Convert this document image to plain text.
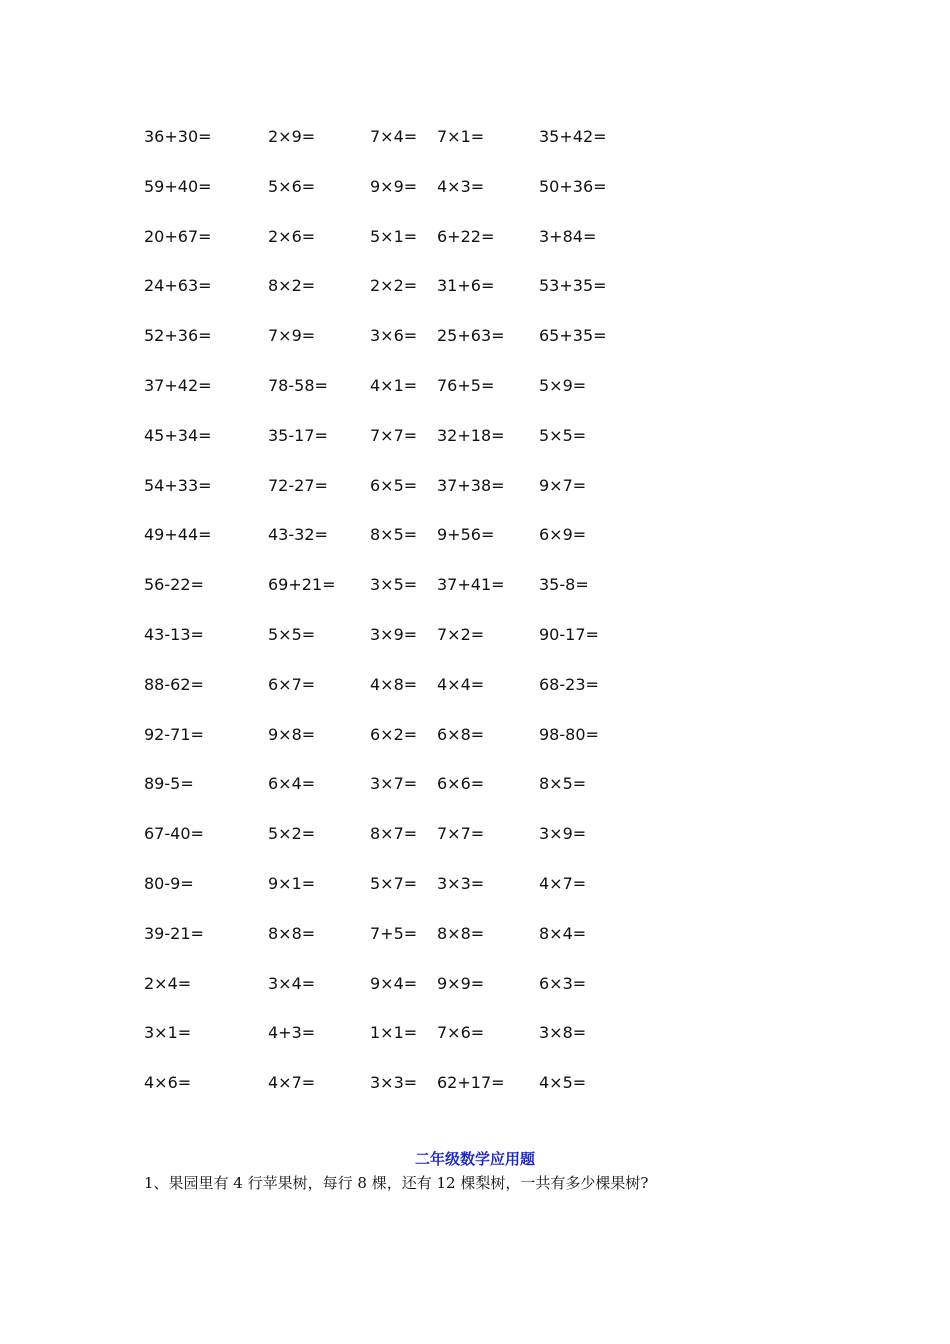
36+30=	2×9=	7×4= 7×1=	35+42=
59+40=	5×6=	9×9= 4×3=	50+36=
20+67=	2×6=	5×1= 6+22=	3+84=
24+63=	8×2=	2×2= 31+6=	53+35=
52+36=	7×9=	3×6= 25+63= 65+35=
37+42=	78-58=	4×1= 76+5=	5×9=
45+34=	35-17=	7×7= 32+18= 5×5=
54+33=	72-27=	6×5= 37+38= 9×7=
49+44=	43-32=	8×5= 9+56=	6×9=
56-22=	69+21= 3×5= 37+41= 35-8=
43-13=	5×5=	3×9= 7×2=	90-17=
88-62=	6×7=	4×8= 4×4=	68-23=
92-71=	9×8=	6×2= 6×8=	98-80=
89-5=	6×4=	3×7= 6×6=	8×5=
67-40=	5×2=	8×7= 7×7=	3×9=
80-9=	9×1=	5×7= 3×3=	4×7=
39-21=	8×8=	7+5= 8×8=	8×4=
2×4=	3×4=	9×4= 9×9=	6×3=
3×1=	4+3=	1×1= 7×6=	3×8=
4×6=	4×7=	3×3= 62+17= 4×5=
二年级数学应用题
1、果园里有 4 行苹果树，每行 8 棵，还有 12 棵梨树，一共有多少棵果树?
